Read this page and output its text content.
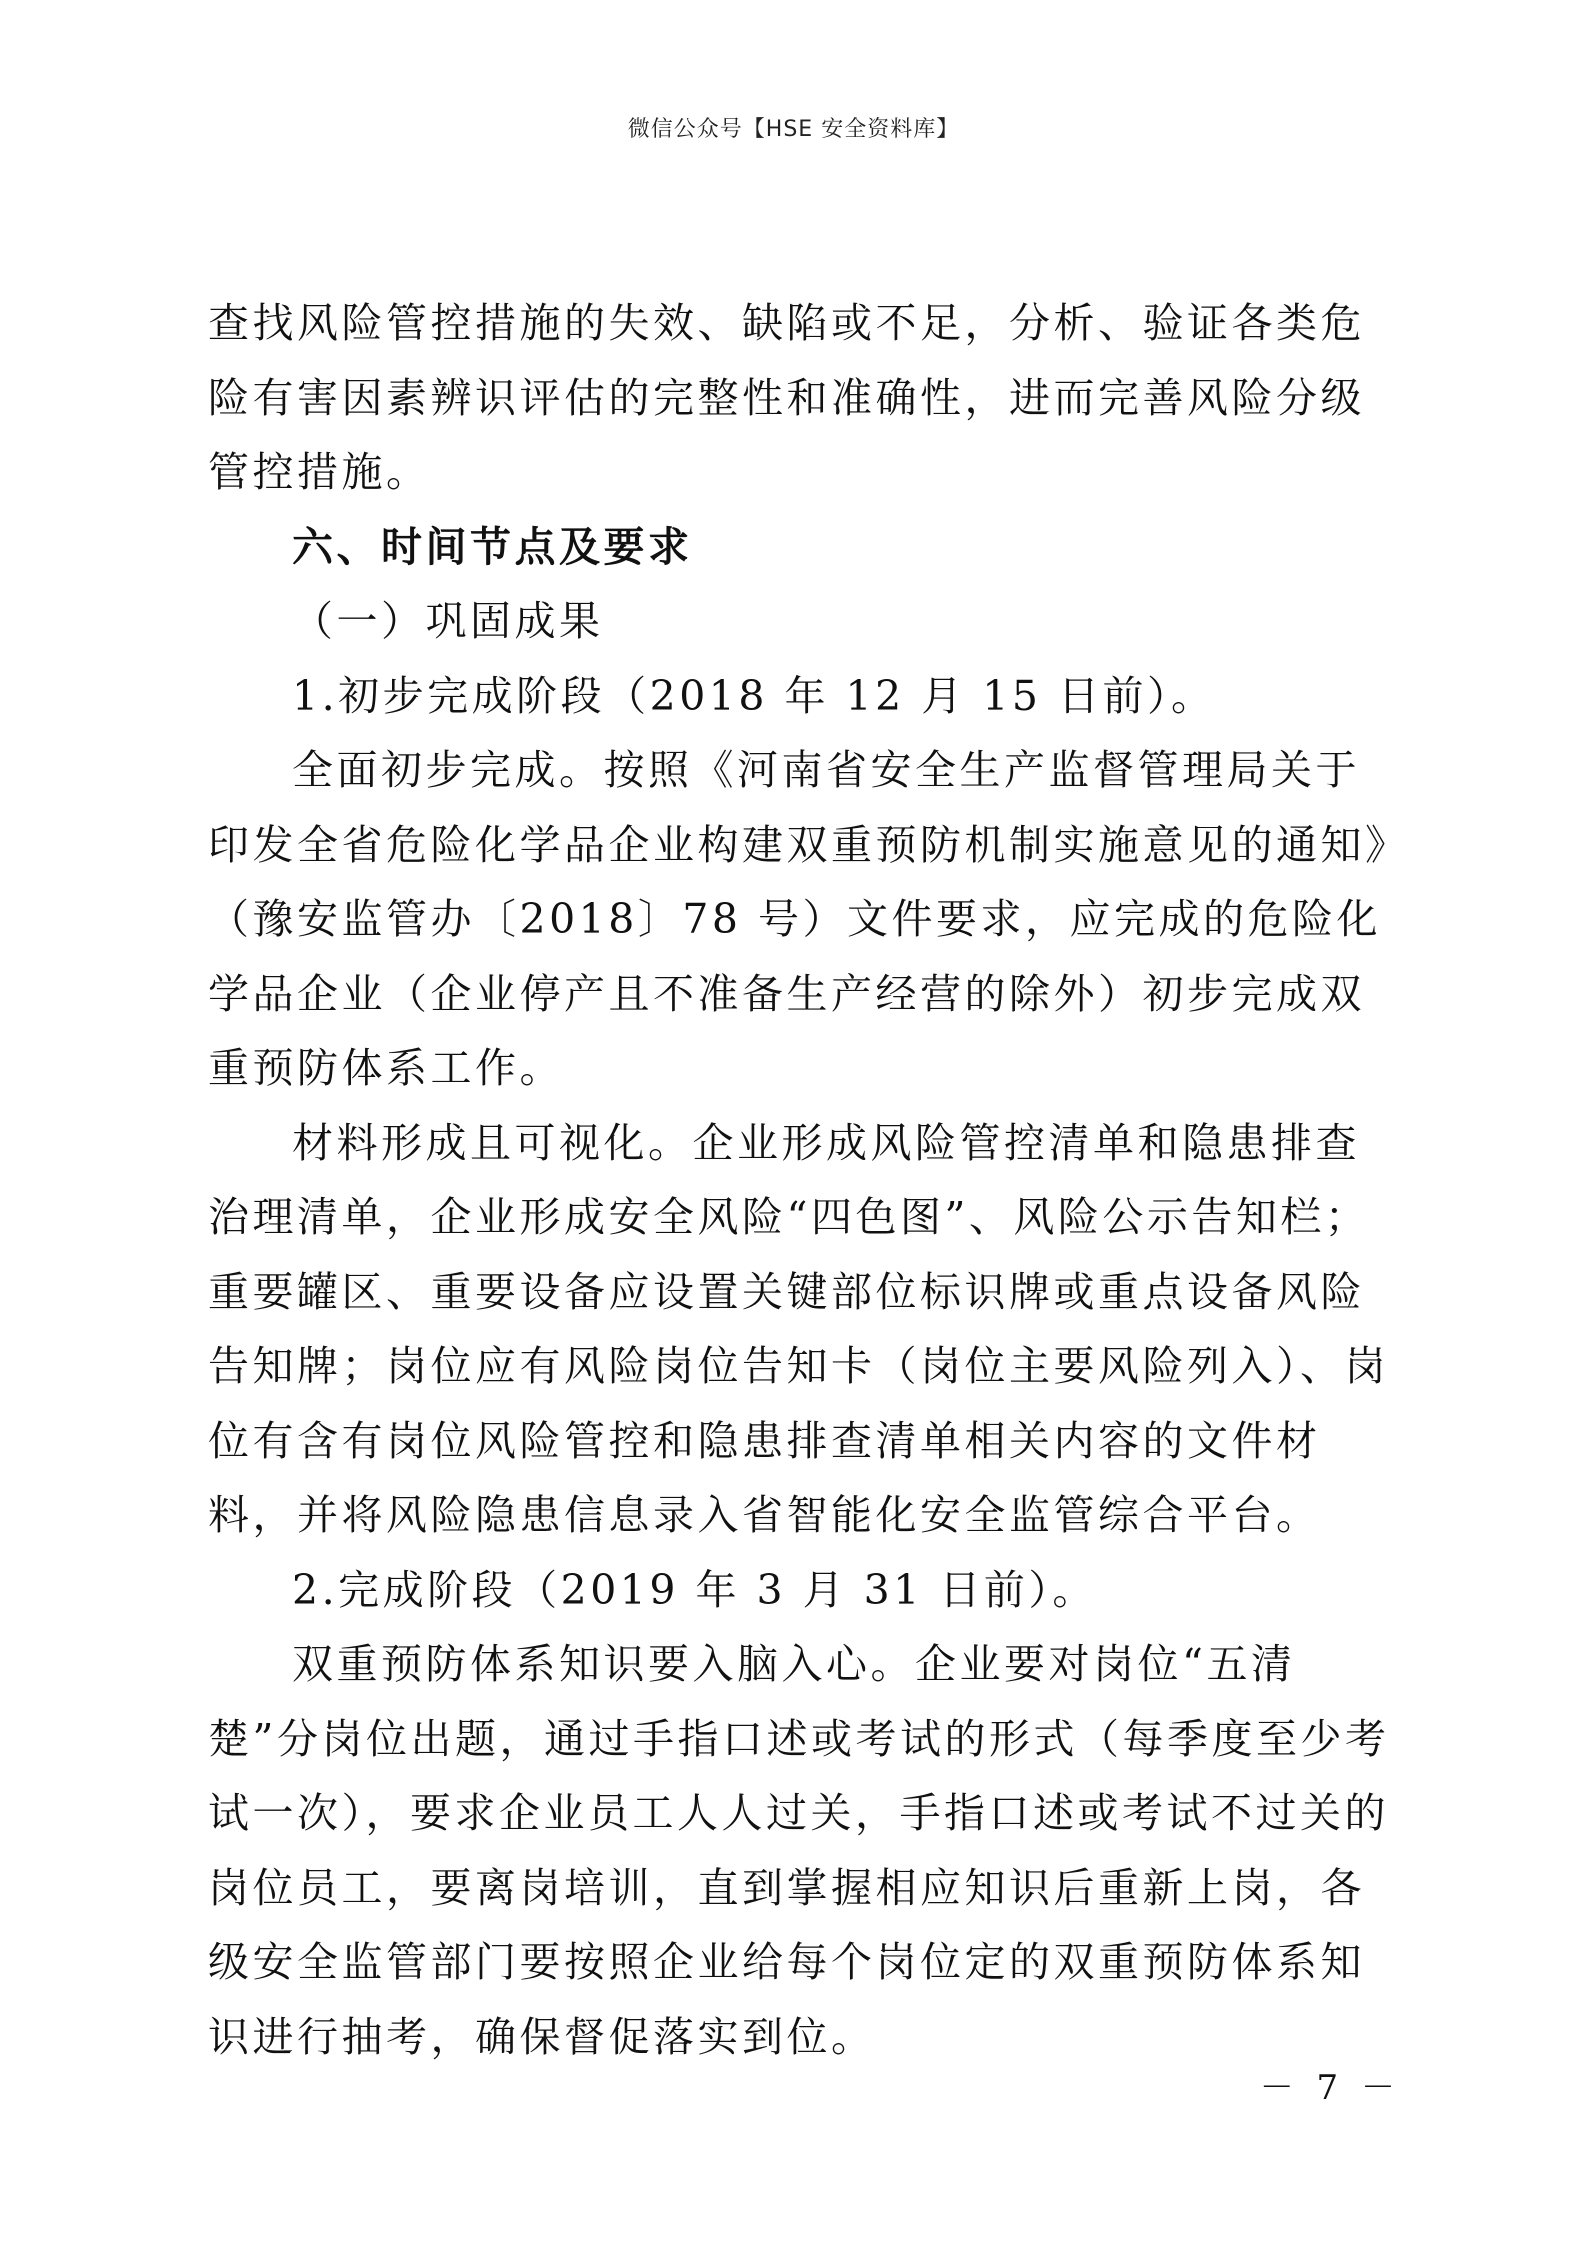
微信公众号【HSE 安全资料库】

查找风险管控措施的失效、缺陷或不足，分析、验证各类危险有害因素辨识评估的完整性和准确性，进而完善风险分级管控措施。

六、时间节点及要求

（一）巩固成果

1.初步完成阶段（2018 年 12 月 15 日前）。

全面初步完成。按照《河南省安全生产监督管理局关于印发全省危险化学品企业构建双重预防机制实施意见的通知》（豫安监管办〔2018〕78 号）文件要求，应完成的危险化学品企业（企业停产且不准备生产经营的除外）初步完成双重预防体系工作。

材料形成且可视化。企业形成风险管控清单和隐患排查治理清单，企业形成安全风险“四色图”、风险公示告知栏；重要罐区、重要设备应设置关键部位标识牌或重点设备风险告知牌；岗位应有风险岗位告知卡（岗位主要风险列入）、岗位有含有岗位风险管控和隐患排查清单相关内容的文件材料，并将风险隐患信息录入省智能化安全监管综合平台。

2.完成阶段（2019 年 3 月 31 日前）。

双重预防体系知识要入脑入心。企业要对岗位“五清楚”分岗位出题，通过手指口述或考试的形式（每季度至少考试一次），要求企业员工人人过关，手指口述或考试不过关的岗位员工，要离岗培训，直到掌握相应知识后重新上岗，各级安全监管部门要按照企业给每个岗位定的双重预防体系知识进行抽考，确保督促落实到位。

－ 7 －
